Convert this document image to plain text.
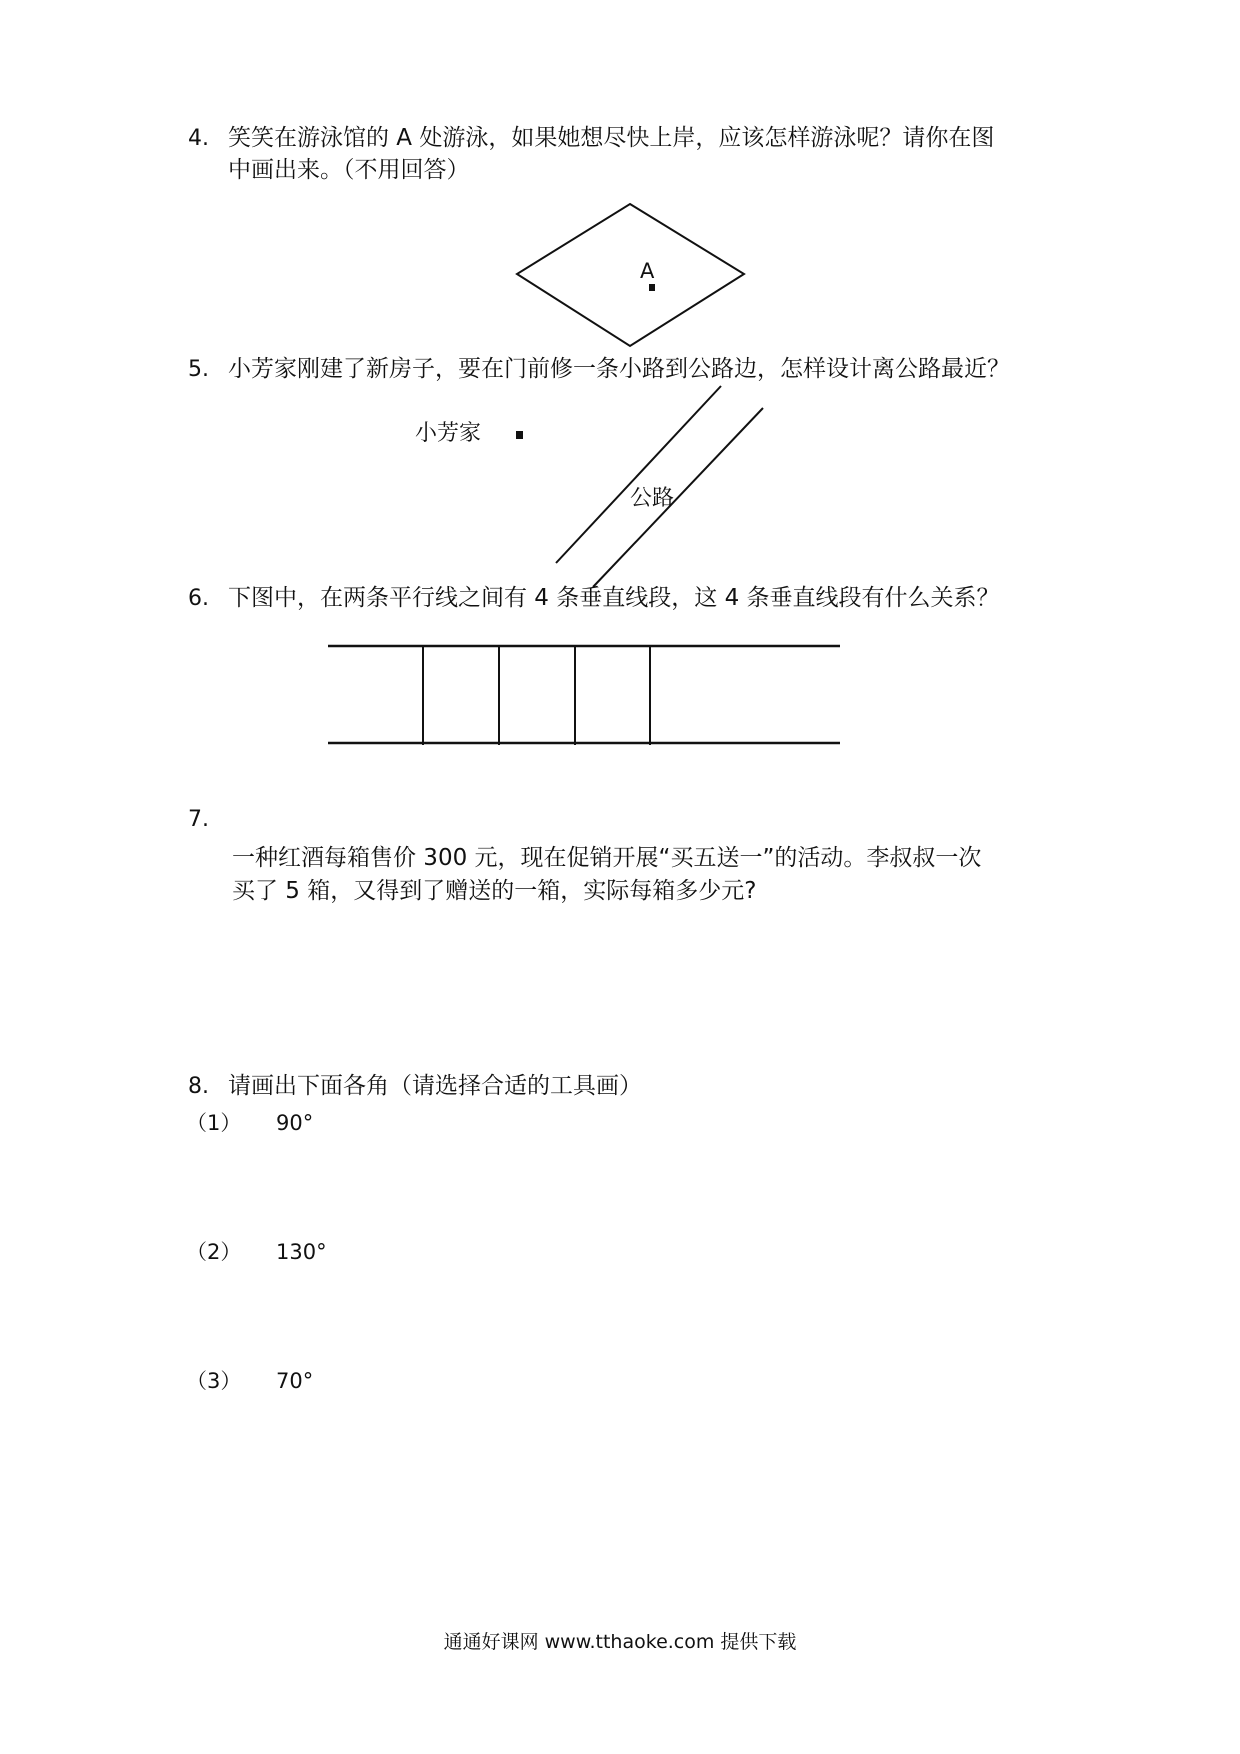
4. 笑笑在游泳馆的 A 处游泳，如果她想尽快上岸，应该怎样游泳呢？请你在图
中画出来。（不用回答）
A
5. 小芳家刚建了新房子，要在门前修一条小路到公路边，怎样设计离公路最近？
小芳家
公路
6. 下图中，在两条平行线之间有 4 条垂直线段，这 4 条垂直线段有什么关系？
7.
一种红酒每箱售价 300 元，现在促销开展“买五送一”的活动。李叔叔一次
买了 5 箱，又得到了赠送的一箱，实际每箱多少元?
8. 请画出下面各角（请选择合适的工具画）
（1） 90°
（2） 130°
（3） 70°
通通好课网 www.tthaoke.com 提供下载
